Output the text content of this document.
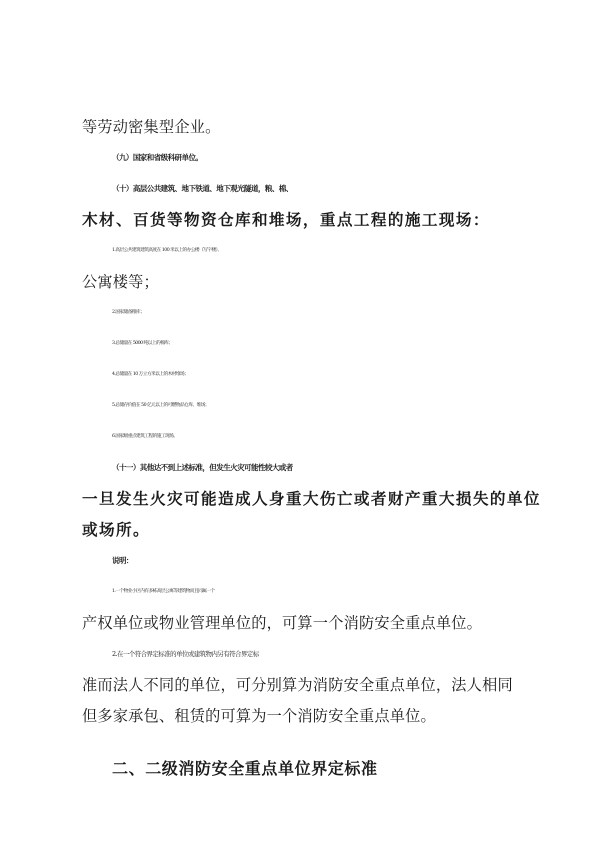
等劳动密集型企业。
（九）国家和省级科研单位。
（十）高层公共建筑、地下铁道、地下观光隧道，粮、棉、
木材、百货等物资仓库和堆场，重点工程的施工现场：
1.高层公共建筑建筑高度在 100 米以上的办公楼（写字楼）、
公寓楼等；
2.国家储备粮库；
3.总储量在 5000 吨以上的棉库；
4.总储量在 10 万立方米以上的木材堆场；
5.总储存价值在 50 亿元以上的可燃物品仓库、堆场；
6.国家级重点建筑工程的施工现场。
（十一）其他达不到上述标准，但发生火灾可能性较大或者
一旦发生火灾可能造成人身重大伤亡或者财产重大损失的单位
或场所。
说明：
1.一个物业小区内有多栋高层公寓等建筑物而且同属一个
产权单位或物业管理单位的，可算一个消防安全重点单位。
2.在一个符合界定标准的单位或建筑物内另有符合界定标
准而法人不同的单位，可分别算为消防安全重点单位，法人相同
但多家承包、租赁的可算为一个消防安全重点单位。
二、二级消防安全重点单位界定标准
